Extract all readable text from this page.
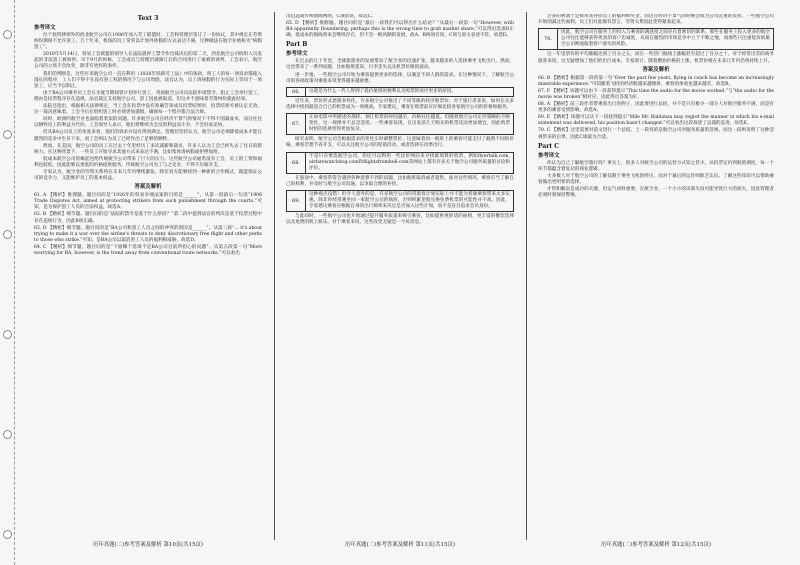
Text 3
参考译文

位于底特律郊外的西北航空公司在1996年加入劳工联盟时，工会和管理层签订了一份协议，其中规定在劳资纠纷期间不允许罢工。几十年来，机场的员工常常以计划外休假的方式表达不满，这种做法在航空业被称为“病假罢工”。

2010年5月14日，贸易工会联盟的领导人在法院就停工禁令作出裁决后的第二天，西北航空公司机组人员发起的非法罢工被叫停。早于9月的时候，工会成员与管理层就修订后的合同进行了艰难的谈判，工会表示，航空公司的立场不会改变，除非有更好的条件。

我们的判断是，这些年来航空公司一直在利用《1926年铁路劳工法》中的条款，将工人的每一项诉求都拖入漫长的程序，工人们不得不在没有罢工权的情况下与公司周旋。法官认为，员工请病假的行为实际上等同于一场罢工，应当予以制止。

由于BA公司乘务员工会在圣诞节期间曾计划举行罢工，英国航空公司向法院申请禁令，阻止工会举行罢工，理由是投票程序存在违规。法官裁定支持航空公司，罢工因此被取消，但这并不意味着劳资纠纷就此结束。

法院还指出，根据相关法律规定，当工会在投票中没有准确告知成员投票结果时，投票结果可被认定无效。这一裁决意味着，工会今后在组织罢工时必须更加谨慎，确保每一个程序都合法合规。

同时，欧洲的航空业也面临着类似的问题。许多航空公司在经济不景气的情况下不得不削减成本，而这往往以牺牲员工的利益为代价。工会领导人表示，他们将继续为会员的利益而斗争，不会轻易妥协。

但从BA公司员工的角度来看，他们的诉求并没有得到满足。管理层坚持认为，航空公司必须降低成本才能在激烈的竞争中生存下来，而工会则认为员工已经作出了足够的牺牲。

然而，在美国，航空公司的员工在过去十年里经历了多次减薪和裁员，许多人认为工会已经失去了往日的影响力。在这种背景下，一些员工开始寻求其他方式来表达不满，比如集体请病假或拒绝加班。

低成本航空公司的崛起也给传统航空公司带来了巨大的压力。这些航空公司通常没有工会，员工的工资和福利也较低，因此能够以更低的价格提供服务。传统航空公司为了与之竞争，不得不压缩开支。

专家认为，航空业的劳资关系将在未来几年内继续紧张，除非双方能够找到一种新的合作模式，既能保证公司的竞争力，又能维护员工的基本权益。

答案及解析

61. A 【精析】推理题。题目问的是“1926年的贸易争端法案的目的是______”。从第一段最后一句话“1906 Trade Disputes Act, aimed at protecting strikers from such punishment through the courts.”可知，是为保护罢工人员的合法权益，故选A。

62. B 【精析】细节题。题目问的是“法院的禁令是基于什么原因？”第二段中提到法官的判决是基于投票过程中存在违规行为，因此B项正确。

63. D 【精析】细节题。题目问的是“BA公司和罢工人员之间的冲突的原因是______”。从第三段“... it's about trying to make it a war over the airline's threats to deny discretionary free flight and other perks to those who strike.”可知，是BA公司以取消罢工人员的福利相威胁，故选D。

64. C 【精析】细节题。题目问的是“下面哪个选项不是BA公司目前所担心的问题”。从第五段第一句“More worrying for BA, however, is the trend away from conventional route networks.”可以看出

出趋远离传统航线网络，C项错误，故选C。

65. D 【精析】推断题。题目问的是“最后一段我们可以得出什么结论？”从最后一段第一句“However, with BA apparently floundering, perhaps this is the wrong time to grab market share.”可以得出选项D正确。低成本的航线将来会继续存在，但不会一帆风顺的发展，故A、B两项有误，C项与原文表述不符，故选D。

Part B
参考译文

在过去的几十年里，全球旅游业的发展带动了航空业的迅速扩张，越来越多的人选择乘坐飞机出行。然而，这也带来了一系列问题，比如航班延误、行李丢失以及机票价格的波动。

进一步地，一些航空公司开始为乘客提供更多的选择，以满足不同人群的需求。在这种情况下，了解航空公司的各项政策对乘客来说变得越来越重要。

66.	这就是为什么一代人得到了低价航班的便利以及购票的途径更多的原因。

近年来，票价形式逐渐多样化，许多航空公司推出了不同等级的经济舱票价。对于旅行者来说，如何在众多选择中找到最适合自己的机票成为一项挑战。专家建议，乘客在购票前应仔细比较各家航空公司的价格和服务。

67.
正如电影中所描述的那样，预订机票的时间越早，价格往往越低。但随着航空公司定价策略的不断变化，这一规律并不总是适用。一些乘客发现，在出发前几天购买的机票反而更加便宜，因此购票时机的选择变得更加复杂。

研究表明，航空公司会根据需求的变化实时调整票价，这意味着同一航班上的乘客可能支付了截然不同的价格。乘客若想节省开支，可以关注航空公司的促销活动，或者选择在淡季出行。

68.
不是只有要选航空公司，你还可以利用一些比价网站来寻找最划算的机票，例如flyertalk.com, airfarewatchdog.com和flightsfromhell.com等网站上都有许多关于航空公司服务质量的讨论和评价。

在旅途中，乘客常常会遇到各种意想不到的问题，比如航班取消或者超售。面对这些情况，乘客应当了解自己的权利，并及时与航空公司沟通，以争取合理的补偿。

69.
这种观点没错！但令人意外的是，许多航空公司的常旅客计划实际上并不能为普通乘客带来太多实惠。除非你经常乘坐同一家航空公司的航班，否则积累里程兑换免费机票的可能性并不高。因此，专家建议乘客应根据自身的出行频率来决定是否加入这些计划，而不是盲目追求会员身份。

与此同时，一些航空公司也开始通过提升服务质量来吸引乘客，比如提供更舒适的座椅、更丰富的餐饮选择以及免费的机上娱乐。对于乘客来说，这些改变无疑是一个好消息。

过多的利润于是被用来补偿员工的福利和奖金，而这在经济不景气的时候会成为公司沉重的负担。一些航空公司开始削减这些福利，员工们对此颇有怨言，劳资关系因此变得紧张起来。

70.
因此，航空公司在服务上的投入与乘客的满意度之间存在着密切的联系。那些在服务上投入更多的航空公司往往能够获得更高的客户忠诚度，从而在激烈的市场竞争中立于不败之地，而那些只注重低价的航空公司则面临着客户流失的风险。

这一年里票价的平均涨幅达到了百分之五，而在一些热门航线上涨幅甚至超过了百分之十。对于经常出差的商务旅客来说，这无疑增加了他们的出行成本。专家预计，随着燃油价格的上涨，机票价格在未来几年内仍将持续上升。

答案及解析

66. B 【精析】根据第一段的第一句“Over the past few years, flying in coach has become an increasingly miserable experience.”可知随着飞机的经济舱越来越拥挤，乘客的体验也越来越差，故选B。

67. F 【精析】该题可以由下一段获得提示“This time the audio for the movie worked.”与“the audio for the movie was broken”相对应，因此得出答案为F。

68. A 【精析】前三段作者带乘客出行的例子，因此要进行总结，并不是只有极少一部分人对航空服务不满，而是有更多的乘客受到影响，故选A。

69. E 【精析】该题可以从下一段找到提示“Mile Mr. Baldanza may regret the manner in which his e-mail statement was delivered, his position hasn't changed.”可以看出这段叙述了总裁的态度，故选E。

70. C 【精析】这里需要对前文进行一个总结。上一段说的是航空公司对服务质量的忽视，而这一段则说明了这种忽视带来的后果，因此C项最为合适。

Part C
参考译文

你认为自己了解航空旅行吗？事实上，很多人对航空公司的运营方式知之甚少。从机票定价到航班调度，每一个环节都蕴含着复杂的商业逻辑。

大多数人对于航空公司的了解仅限于乘坐飞机的经历，而对于幕后的运作则缺乏认识。了解这些知识可以帮助乘客做出更明智的选择。

才智和勤奋是成功的关键，但运气同样重要。在航空业，一个小小的决策失误可能导致巨大的损失，因此管理者必须时刻保持警惕。

历年真题(二)参考答案及解析 第10页(共15页)	历年真题(二)参考答案及解析 第11页(共15页)	历年真题(二)参考答案及解析 第12页(共15页)
